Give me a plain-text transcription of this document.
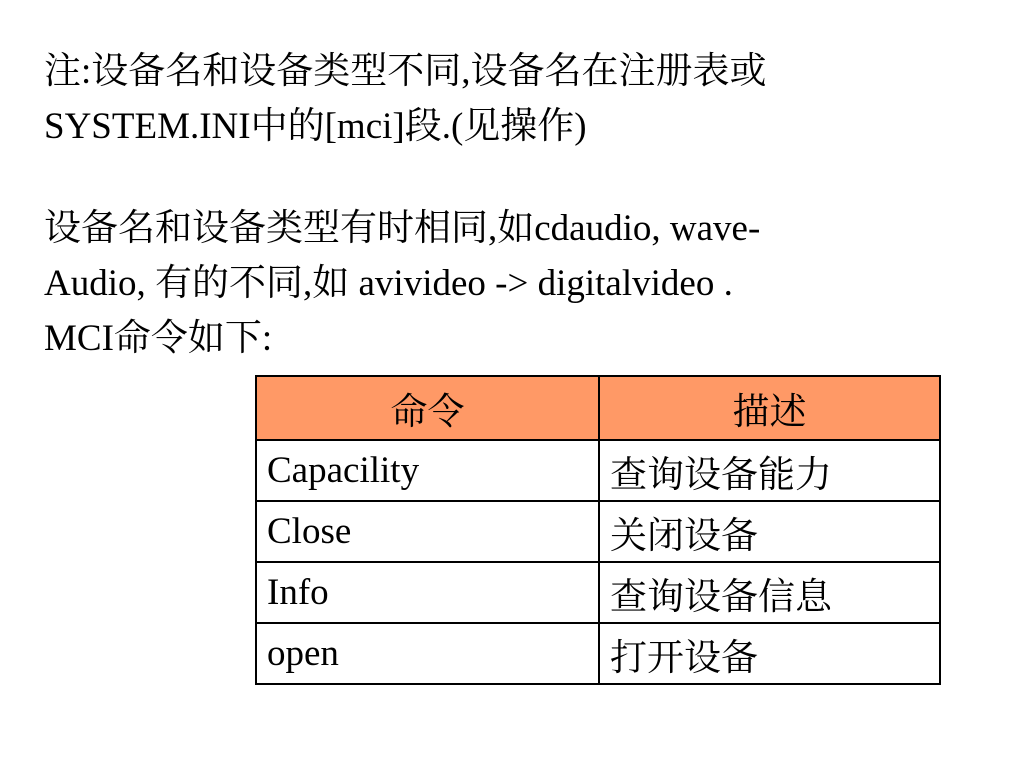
注:设备名和设备类型不同,设备名在注册表或
SYSTEM.INI中的[mci]段.(见操作)
设备名和设备类型有时相同,如cdaudio, wave-
Audio, 有的不同,如 avivideo -> digitalvideo .
MCI命令如下:
命令	描述
Capacility	查询设备能力
Close	关闭设备
Info	查询设备信息
open	打开设备
